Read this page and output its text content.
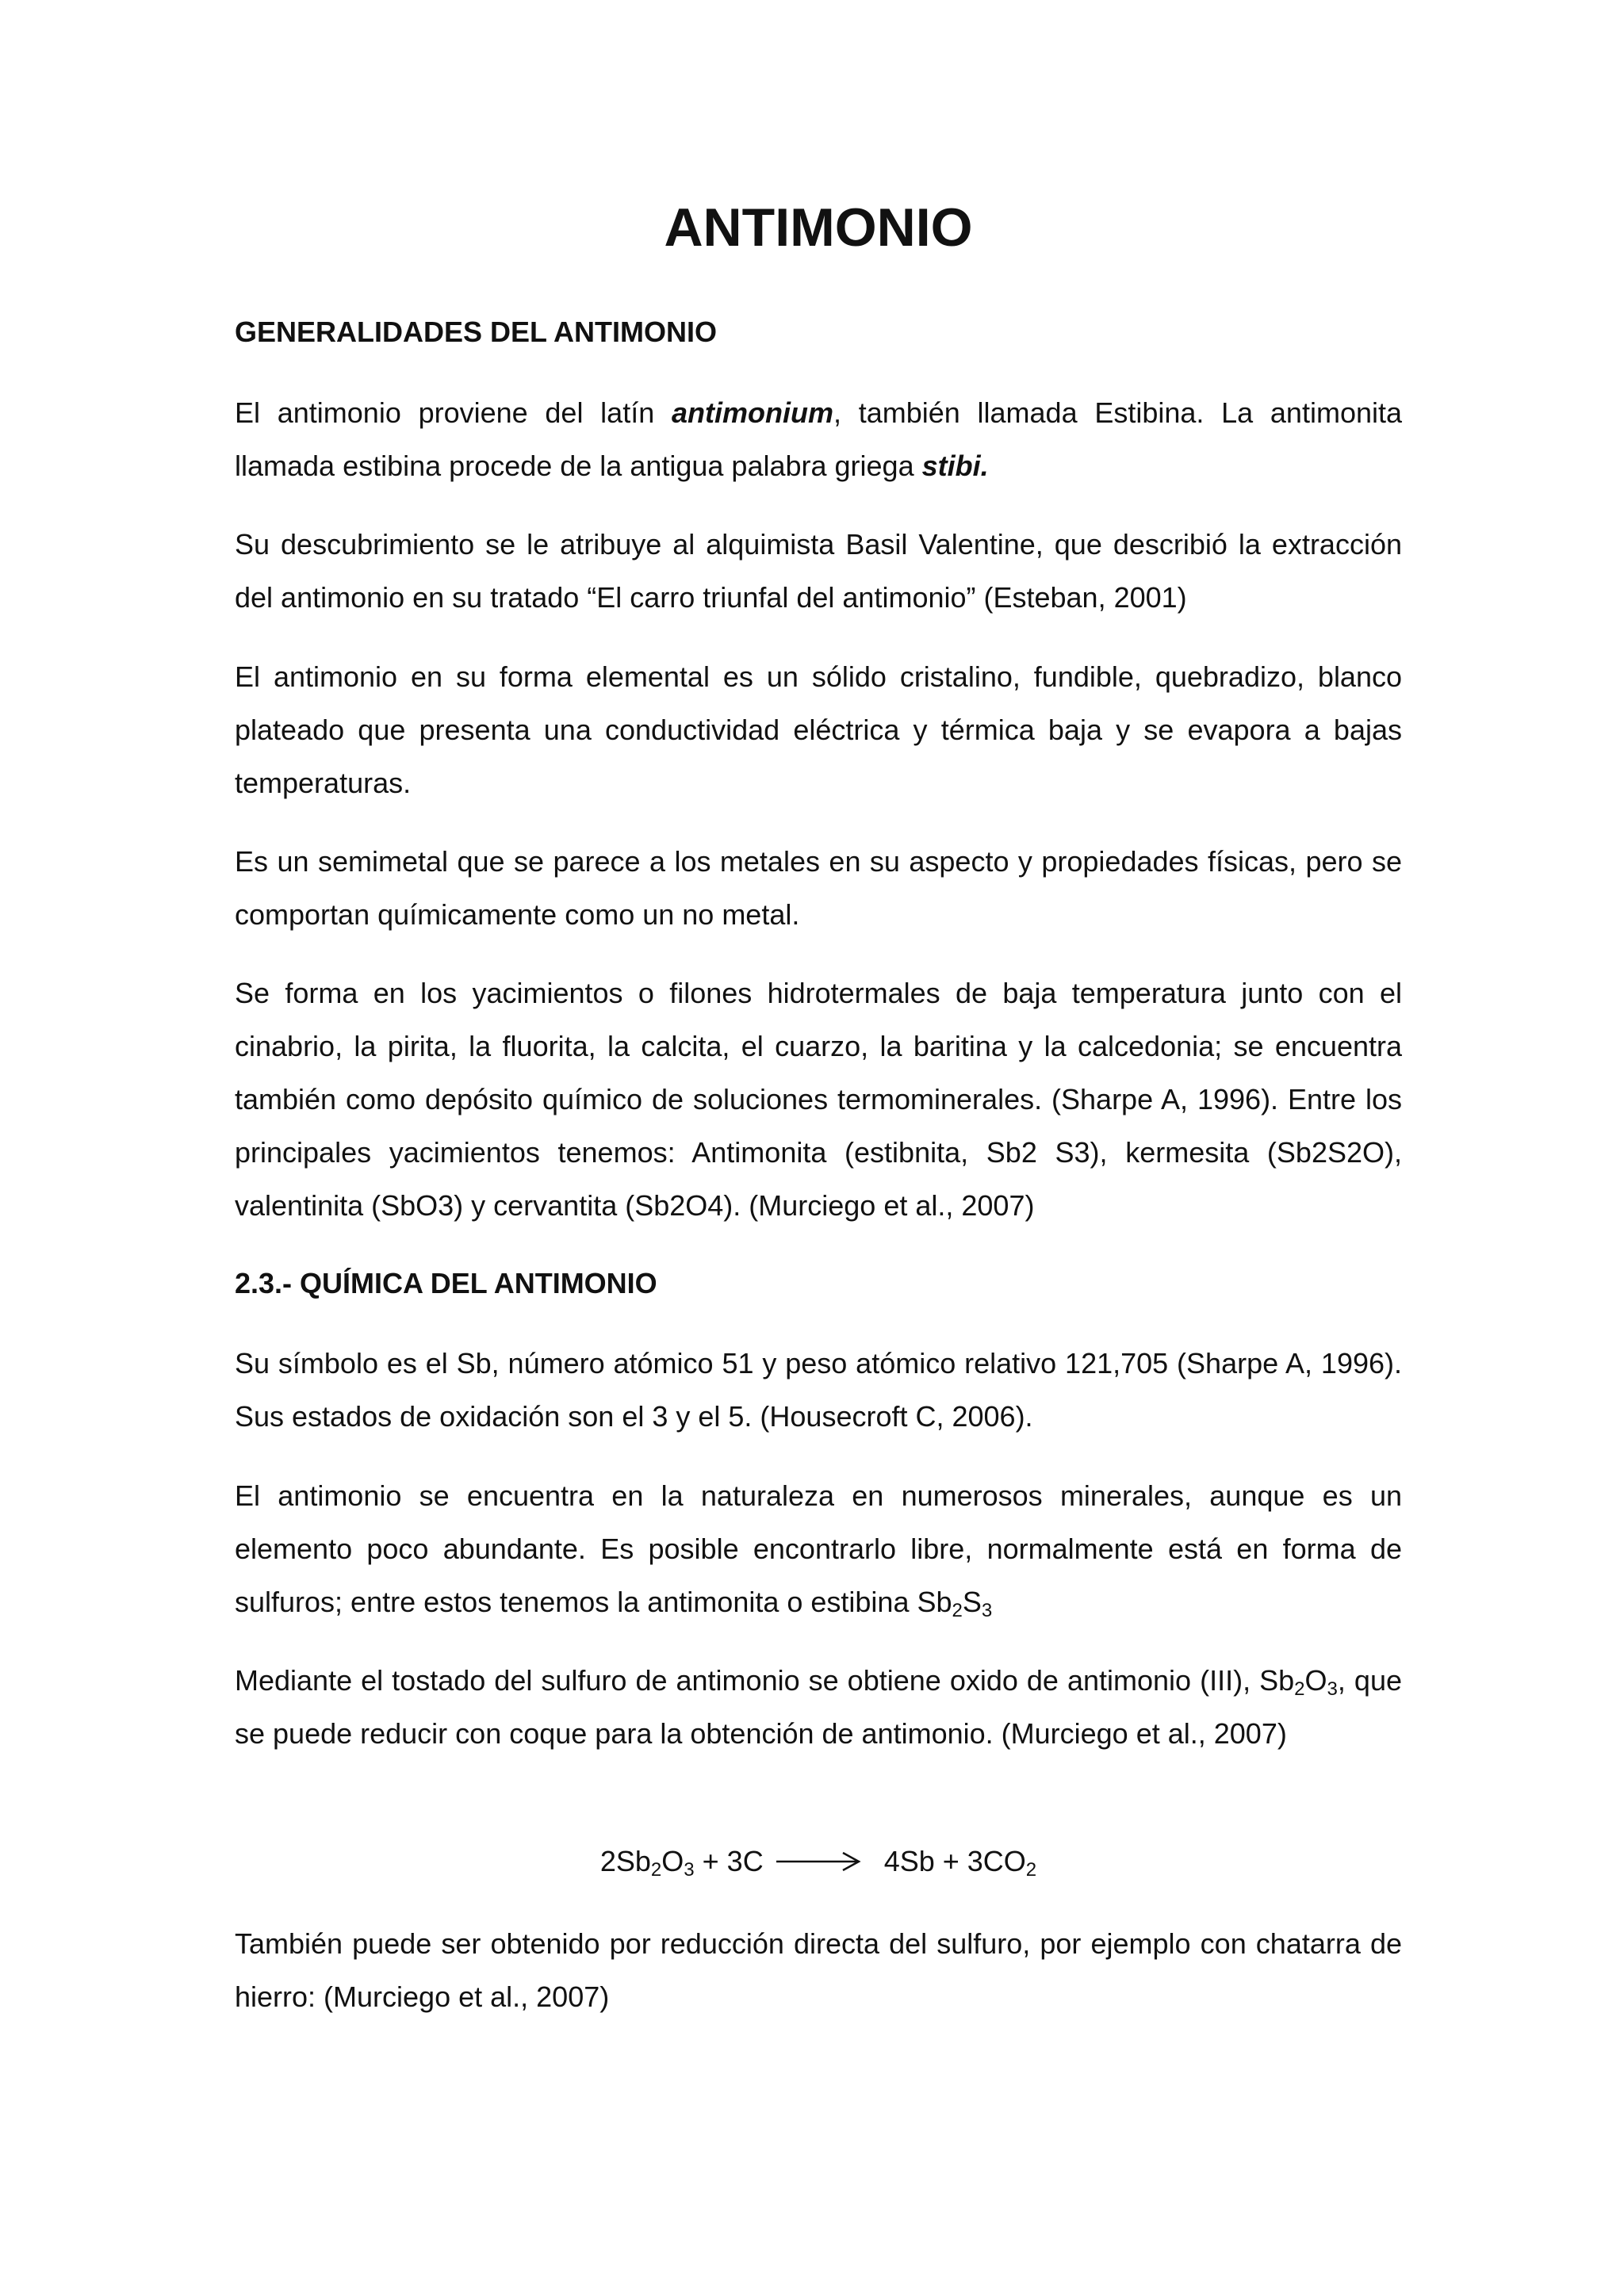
ANTIMONIO
GENERALIDADES DEL ANTIMONIO

El antimonio proviene del latín antimonium, también llamada Estibina. La antimonita llamada estibina procede de la antigua palabra griega stibi.

Su descubrimiento se le atribuye al alquimista Basil Valentine, que describió la extracción del antimonio en su tratado “El carro triunfal del antimonio” (Esteban, 2001)

El antimonio en su forma elemental es un sólido cristalino, fundible, quebradizo, blanco plateado que presenta una conductividad eléctrica y térmica baja y se evapora a bajas temperaturas.

Es un semimetal que se parece a los metales en su aspecto y propiedades físicas, pero se comportan químicamente como un no metal.

Se forma en los yacimientos o filones hidrotermales de baja temperatura junto con el cinabrio, la pirita, la fluorita, la calcita, el cuarzo, la baritina y la calcedonia; se encuentra también como depósito químico de soluciones termominerales. (Sharpe A, 1996). Entre los principales yacimientos tenemos: Antimonita (estibnita, Sb2 S3), kermesita (Sb2S2O), valentinita (SbO3) y cervantita (Sb2O4). (Murciego et al., 2007)

2.3.- QUÍMICA DEL ANTIMONIO

Su símbolo es el Sb, número atómico 51 y peso atómico relativo 121,705 (Sharpe A, 1996). Sus estados de oxidación son el 3 y el 5. (Housecroft C, 2006).

El antimonio se encuentra en la naturaleza en numerosos minerales, aunque es un elemento poco abundante. Es posible encontrarlo libre, normalmente está en forma de sulfuros; entre estos tenemos la antimonita o estibina $Sb_2S_3$

Mediante el tostado del sulfuro de antimonio se obtiene oxido de antimonio (III), $Sb_2O_3$, que se puede reducir con coque para la obtención de antimonio. (Murciego et al., 2007)

$2Sb_2O_3 + 3C \to 4Sb + 3CO_2$

También puede ser obtenido por reducción directa del sulfuro, por ejemplo con chatarra de hierro: (Murciego et al., 2007)
